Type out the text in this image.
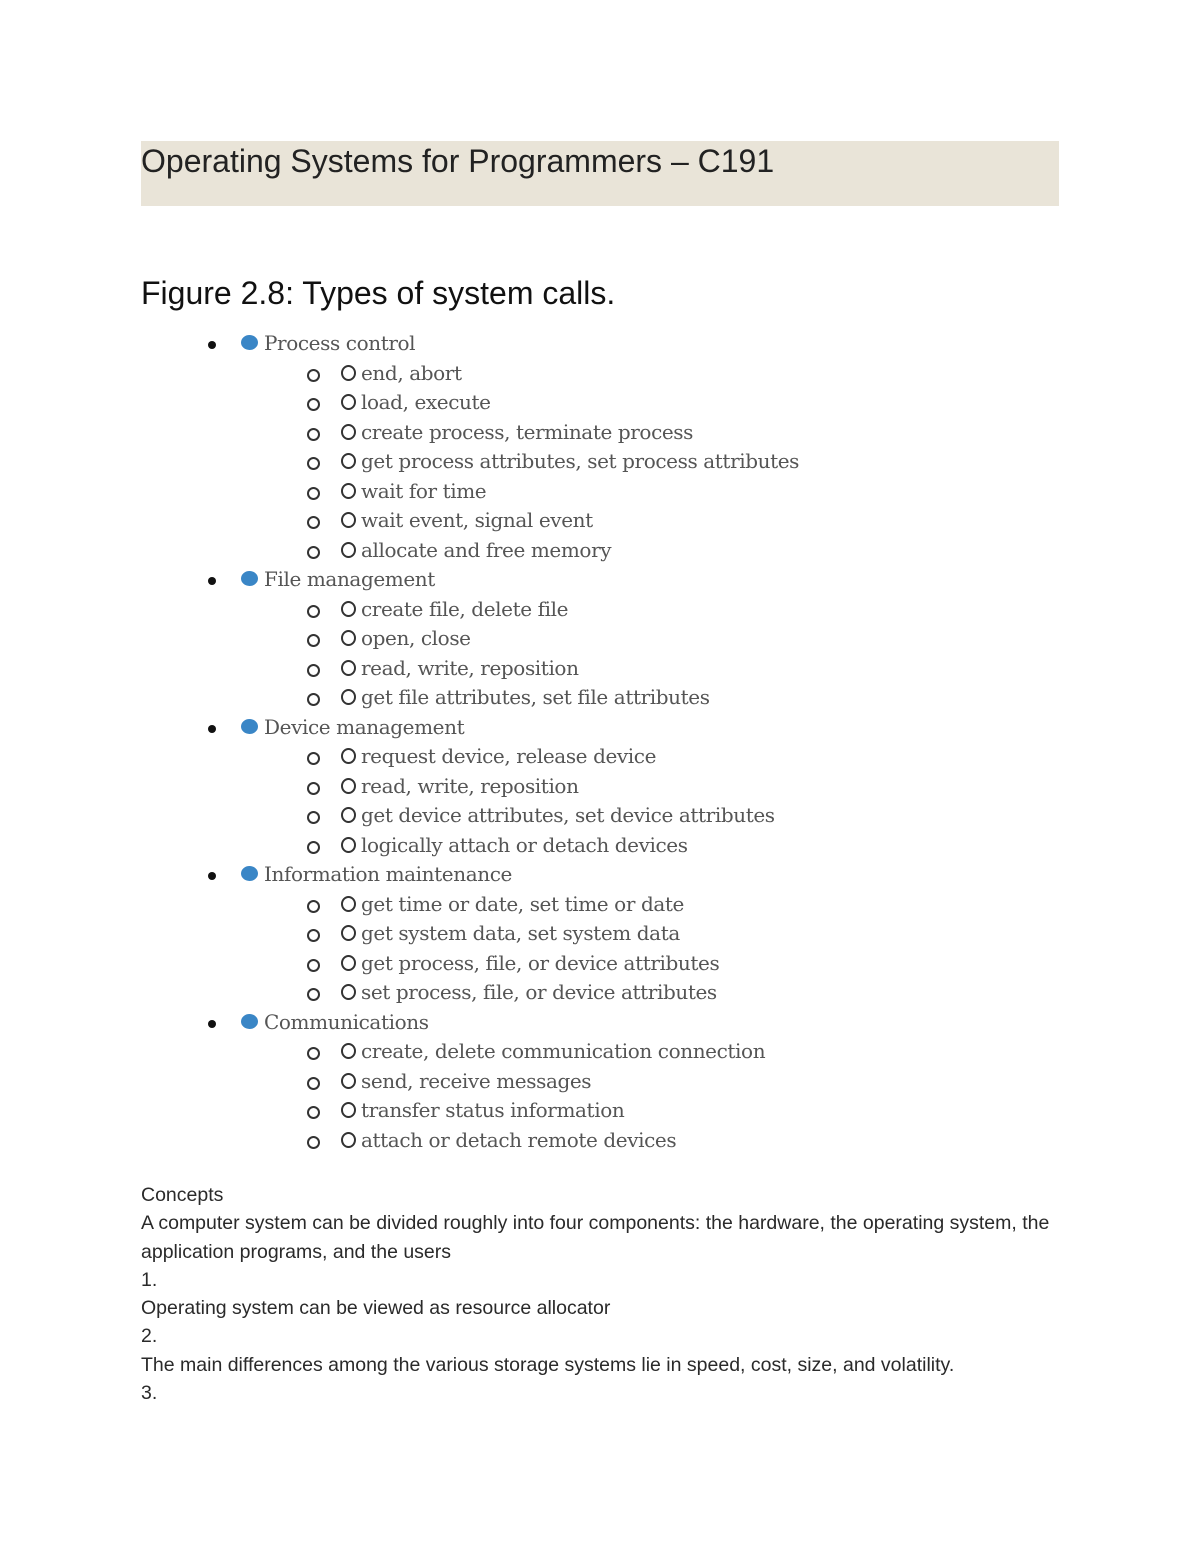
Operating Systems for Programmers – C191
Figure 2.8: Types of system calls.
Process control
end, abort
load, execute
create process, terminate process
get process attributes, set process attributes
wait for time
wait event, signal event
allocate and free memory
File management
create file, delete file
open, close
read, write, reposition
get file attributes, set file attributes
Device management
request device, release device
read, write, reposition
get device attributes, set device attributes
logically attach or detach devices
Information maintenance
get time or date, set time or date
get system data, set system data
get process, file, or device attributes
set process, file, or device attributes
Communications
create, delete communication connection
send, receive messages
transfer status information
attach or detach remote devices

Concepts

A computer system can be divided roughly into four components: the hardware, the operating system, the application programs, and the users

1.

Operating system can be viewed as resource allocator

2.

The main differences among the various storage systems lie in speed, cost, size, and volatility.

3.
